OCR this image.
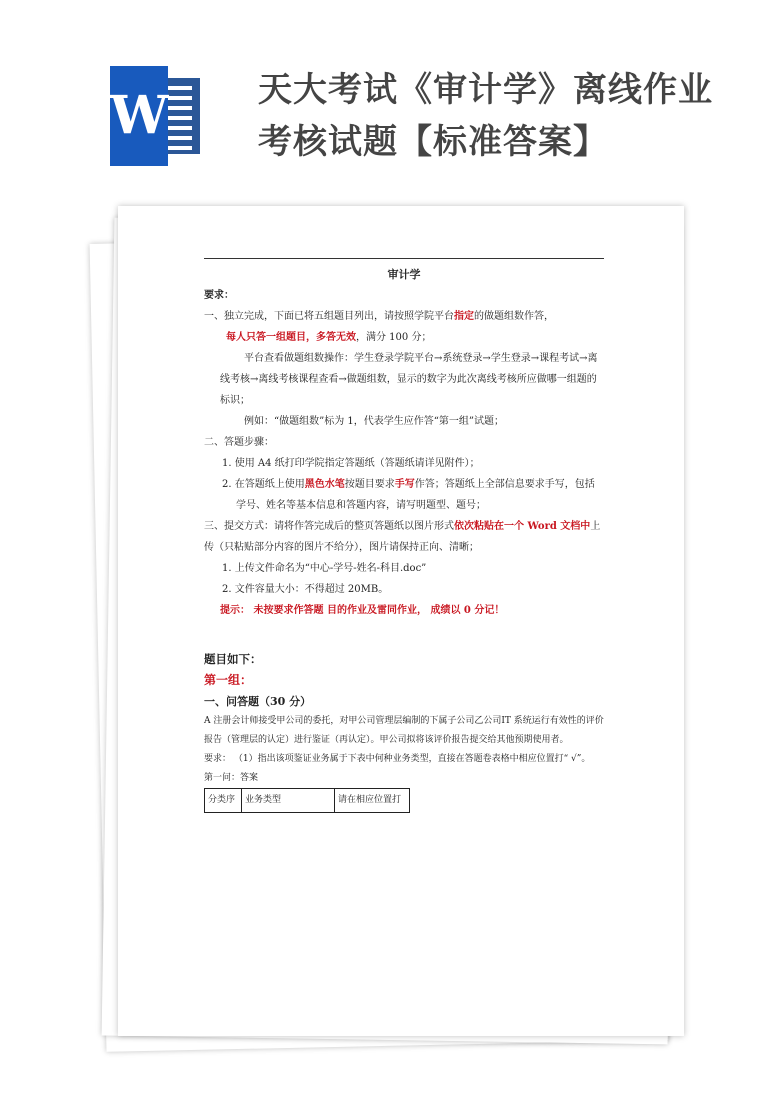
W	天大考试《审计学》离线作业
考核试题【标准答案】
审计学
要求：
一、独立完成，下面已将五组题目列出，请按照学院平台指定的做题组数作答，
每人只答一组题目，多答无效，满分 100 分；
平台查看做题组数操作：学生登录学院平台→系统登录→学生登录→课程考试→离线考核→离线考核课程查看→做题组数，显示的数字为此次离线考核所应做哪一组题的标识；
例如：“做题组数”标为 1，代表学生应作答“第一组”试题；
二、答题步骤：
1. 使用 A4 纸打印学院指定答题纸（答题纸请详见附件）；
2. 在答题纸上使用黑色水笔按题目要求手写作答；答题纸上全部信息要求手写，包括学号、姓名等基本信息和答题内容，请写明题型、题号；
三、提交方式：请将作答完成后的整页答题纸以图片形式依次粘贴在一个 Word 文档中上传（只粘贴部分内容的图片不给分），图片请保持正向、清晰；
1. 上传文件命名为“中心-学号-姓名-科目.doc”
2. 文件容量大小：不得超过 20MB。
提示： 未按要求作答题 目的作业及雷同作业， 成绩以 0 分记！
题目如下：
第一组：
一、问答题（30 分）
A 注册会计师接受甲公司的委托，对甲公司管理层编制的下属子公司乙公司IT 系统运行有效性的评价报告（管理层的认定）进行鉴证（再认定）。甲公司拟将该评价报告提交给其他预期使用者。
要求： （1）指出该项鉴证业务属于下表中何种业务类型，直接在答题卷表格中相应位置打“ √”。
第一问：答案
分类序	业务类型	请在相应位置打
